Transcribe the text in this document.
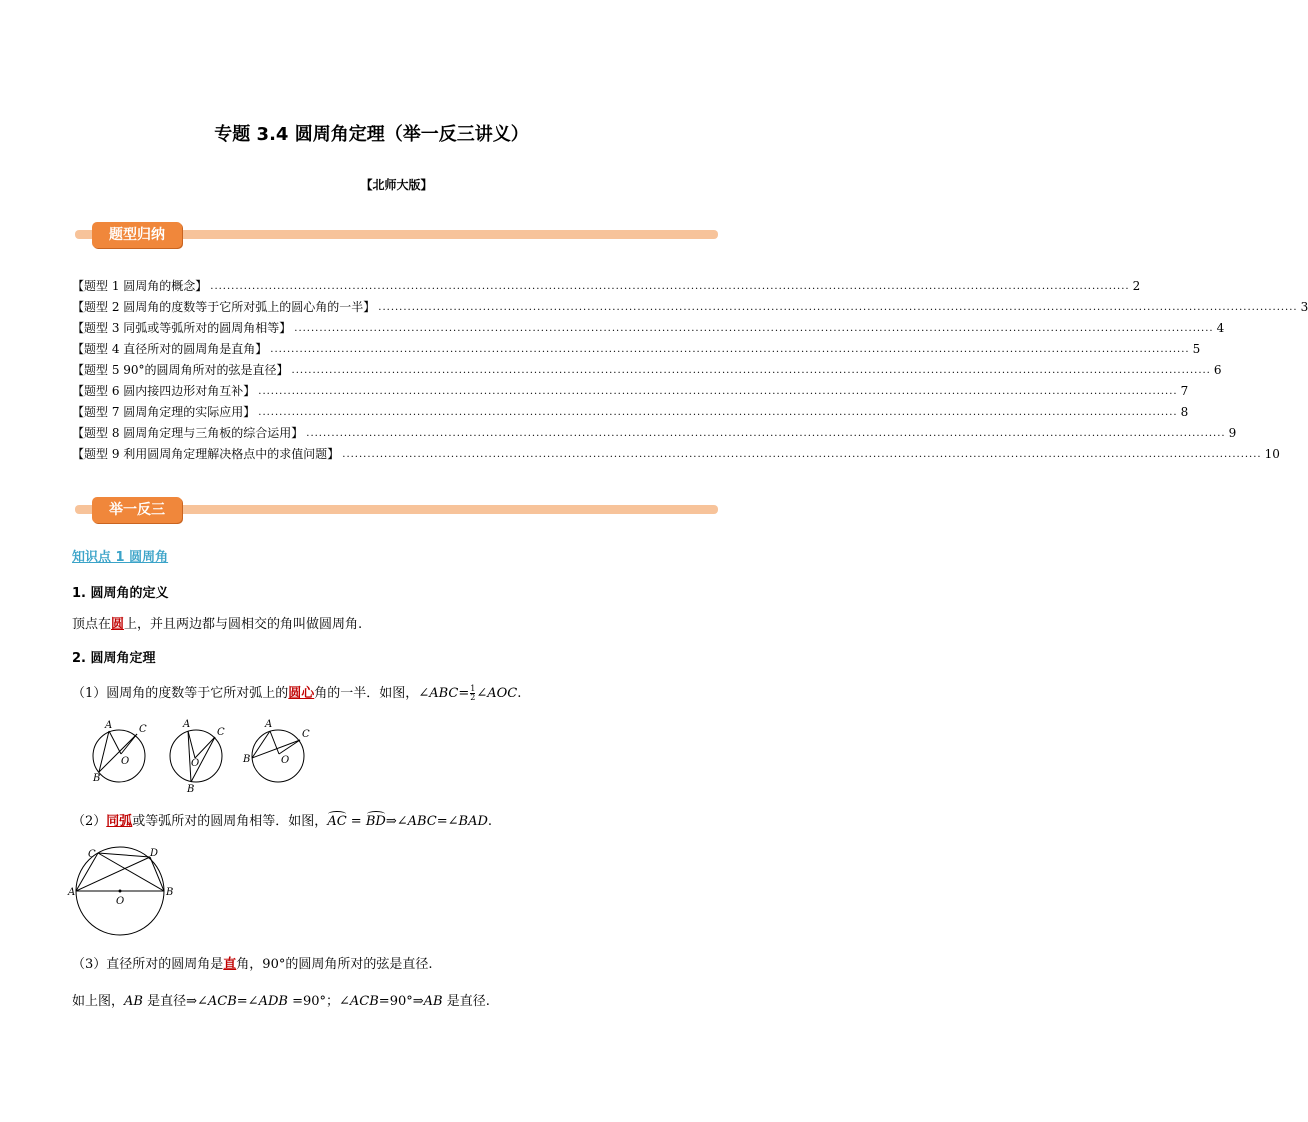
专题 3.4 圆周角定理（举一反三讲义）
【北师大版】
题型归纳
【题型 1 圆周角的概念】 ............................................................................................................................................................................................................................ 2
【题型 2 圆周角的度数等于它所对弧上的圆心角的一半】 ............................................................................................................................................................................................................................ 3
【题型 3 同弧或等弧所对的圆周角相等】 ............................................................................................................................................................................................................................ 4
【题型 4 直径所对的圆周角是直角】 ............................................................................................................................................................................................................................ 5
【题型 5 90°的圆周角所对的弦是直径】 ............................................................................................................................................................................................................................ 6
【题型 6 圆内接四边形对角互补】 ............................................................................................................................................................................................................................ 7
【题型 7 圆周角定理的实际应用】 ............................................................................................................................................................................................................................ 8
【题型 8 圆周角定理与三角板的综合运用】 ............................................................................................................................................................................................................................ 9
【题型 9 利用圆周角定理解决格点中的求值问题】 ............................................................................................................................................................................................................................ 10
举一反三
知识点 1 圆周角
1. 圆周角的定义
顶点在圆上，并且两边都与圆相交的角叫做圆周角.
2. 圆周角定理
（1）圆周角的度数等于它所对弧上的圆心角的一半．如图，∠ABC= $\frac{1}{2}$ ∠AOC.
A	C
B
O
A
C
B
O
A
C
B	O
（2）同弧或等弧所对的圆周角相等．如图，AC = BD⇒∠ABC=∠BAD.
C	D
A	B
O
（3）直径所对的圆周角是直角，90°的圆周角所对的弦是直径.
如上图，AB 是直径⇒∠ACB=∠ADB =90°；∠ACB=90°⇒AB 是直径.
